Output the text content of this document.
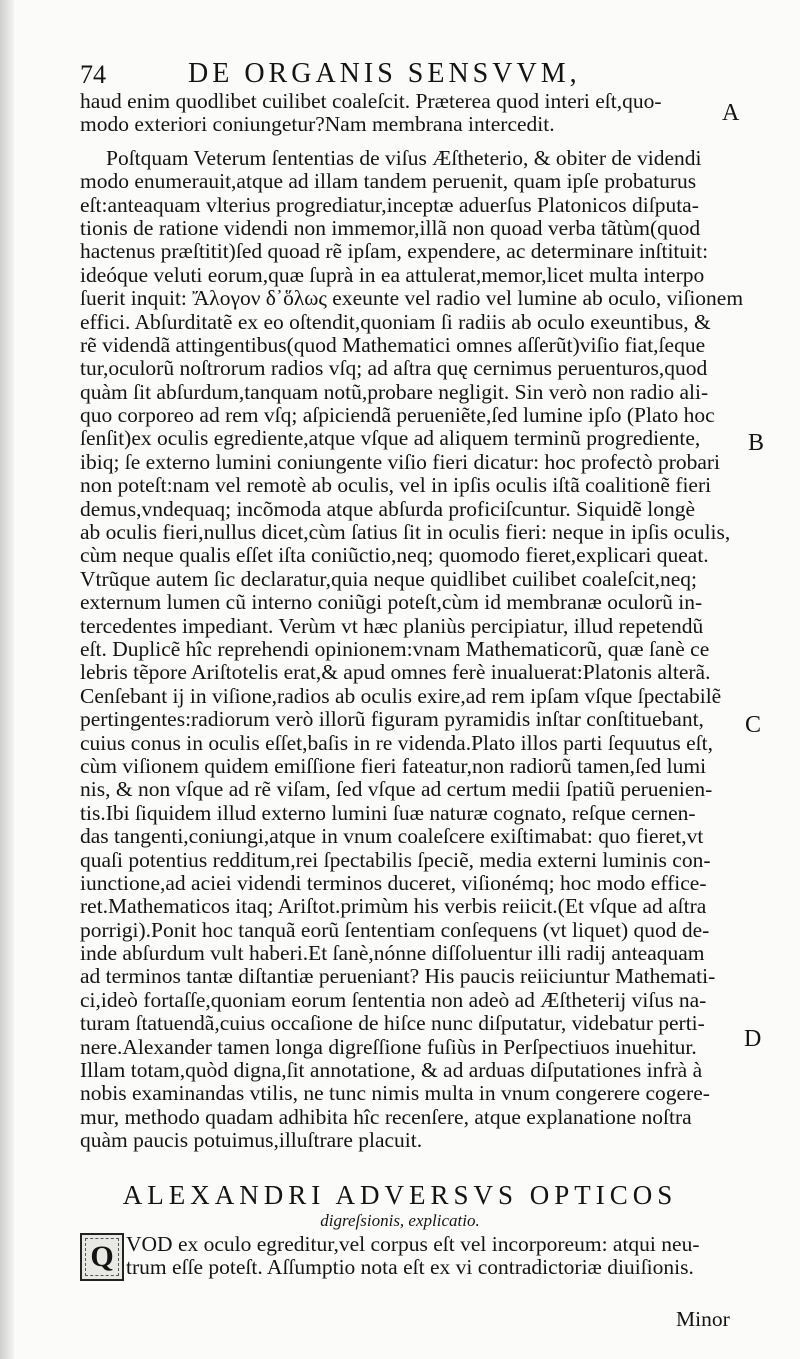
74	DE ORGANIS SENSVVM,
A
B
C
D
haud enim quodlibet cuilibet coaleſcit. Præterea quod interi eſt,quo-
modo exteriori coniungetur?Nam membrana intercedit.
Poſtquam Veterum ſententias de viſus Æſtheterio, & obiter de videndi
modo enumerauit,atque ad illam tandem peruenit, quam ipſe probaturus
eſt:anteaquam vlterius progrediatur,inceptæ aduerſus Platonicos diſputa-
tionis de ratione videndi non immemor,illã non quoad verba tãtùm(quod
hactenus præſtitit)ſed quoad rẽ ipſam, expendere, ac determinare inſtituit:
ideóque veluti eorum,quæ ſuprà in ea attulerat,memor,licet multa interpo
ſuerit inquit: Ἄλογον δ᾽ὅλως exeunte vel radio vel lumine ab oculo, viſionem
effici. Abſurditatẽ ex eo oſtendit,quoniam ſi radiis ab oculo exeuntibus, &
rẽ videndã attingentibus(quod Mathematici omnes aſſerũt)viſio fiat,ſeque
tur,oculorũ noſtrorum radios vſq; ad aſtra quę cernimus peruenturos,quod
quàm ſit abſurdum,tanquam notũ,probare negligit. Sin verò non radio ali-
quo corporeo ad rem vſq; aſpiciendã perueniẽte,ſed lumine ipſo (Plato hoc
ſenſit)ex oculis egrediente,atque vſque ad aliquem terminũ progrediente,
ibiq; ſe externo lumini coniungente viſio fieri dicatur: hoc profectò probari
non poteſt:nam vel remotè ab oculis, vel in ipſis oculis iſtã coalitionẽ fieri
demus,vndequaq; incõmoda atque abſurda proficiſcuntur. Siquidẽ longè
ab oculis fieri,nullus dicet,cùm ſatius ſit in oculis fieri: neque in ipſis oculis,
cùm neque qualis eſſet iſta coniũctio,neq; quomodo fieret,explicari queat.
Vtrũque autem ſic declaratur,quia neque quidlibet cuilibet coaleſcit,neq;
externum lumen cũ interno coniũgi poteſt,cùm id membranæ oculorũ in-
tercedentes impediant. Verùm vt hæc planiùs percipiatur, illud repetendũ
eſt. Duplicẽ hîc reprehendi opinionem:vnam Mathematicorũ, quæ ſanè ce
lebris tẽpore Ariſtotelis erat,& apud omnes ferè inualuerat:Platonis alterã.
Cenſebant ij in viſione,radios ab oculis exire,ad rem ipſam vſque ſpectabilẽ
pertingentes:radiorum verò illorũ figuram pyramidis inſtar conſtituebant,
cuius conus in oculis eſſet,baſis in re videnda.Plato illos parti ſequutus eſt,
cùm viſionem quidem emiſſione fieri fateatur,non radiorũ tamen,ſed lumi
nis, & non vſque ad rẽ viſam, ſed vſque ad certum medii ſpatiũ peruenien-
tis.Ibi ſiquidem illud externo lumini ſuæ naturæ cognato, reſque cernen-
das tangenti,coniungi,atque in vnum coaleſcere exiſtimabat: quo fieret,vt
quaſi potentius redditum,rei ſpectabilis ſpeciẽ, media externi luminis con-
iunctione,ad aciei videndi terminos duceret, viſionémq; hoc modo effice-
ret.Mathematicos itaq; Ariſtot.primùm his verbis reiicit.(Et vſque ad aſtra
porrigi).Ponit hoc tanquã eorũ ſententiam conſequens (vt liquet) quod de-
inde abſurdum vult haberi.Et ſanè,nónne diſſoluentur illi radij anteaquam
ad terminos tantæ diſtantiæ perueniant? His paucis reiiciuntur Mathemati-
ci,ideò fortaſſe,quoniam eorum ſententia non adeò ad Æſtheterij viſus na-
turam ſtatuendã,cuius occaſione de hiſce nunc diſputatur, videbatur perti-
nere.Alexander tamen longa digreſſione fuſiùs in Perſpectiuos inuehitur.
Illam totam,quòd digna,ſit annotatione, & ad arduas diſputationes infrà à
nobis examinandas vtilis, ne tunc nimis multa in vnum congerere cogere-
mur, methodo quadam adhibita hîc recenſere, atque explanatione noſtra
quàm paucis potuimus,illuſtrare placuit.
ALEXANDRI ADVERSVS OPTICOS
digreſsionis, explicatio.
Q VOD ex oculo egreditur,vel corpus eſt vel incorporeum: atqui neu-
trum eſſe poteſt. Aſſumptio nota eſt ex vi contradictoriæ diuiſionis.
Minor
